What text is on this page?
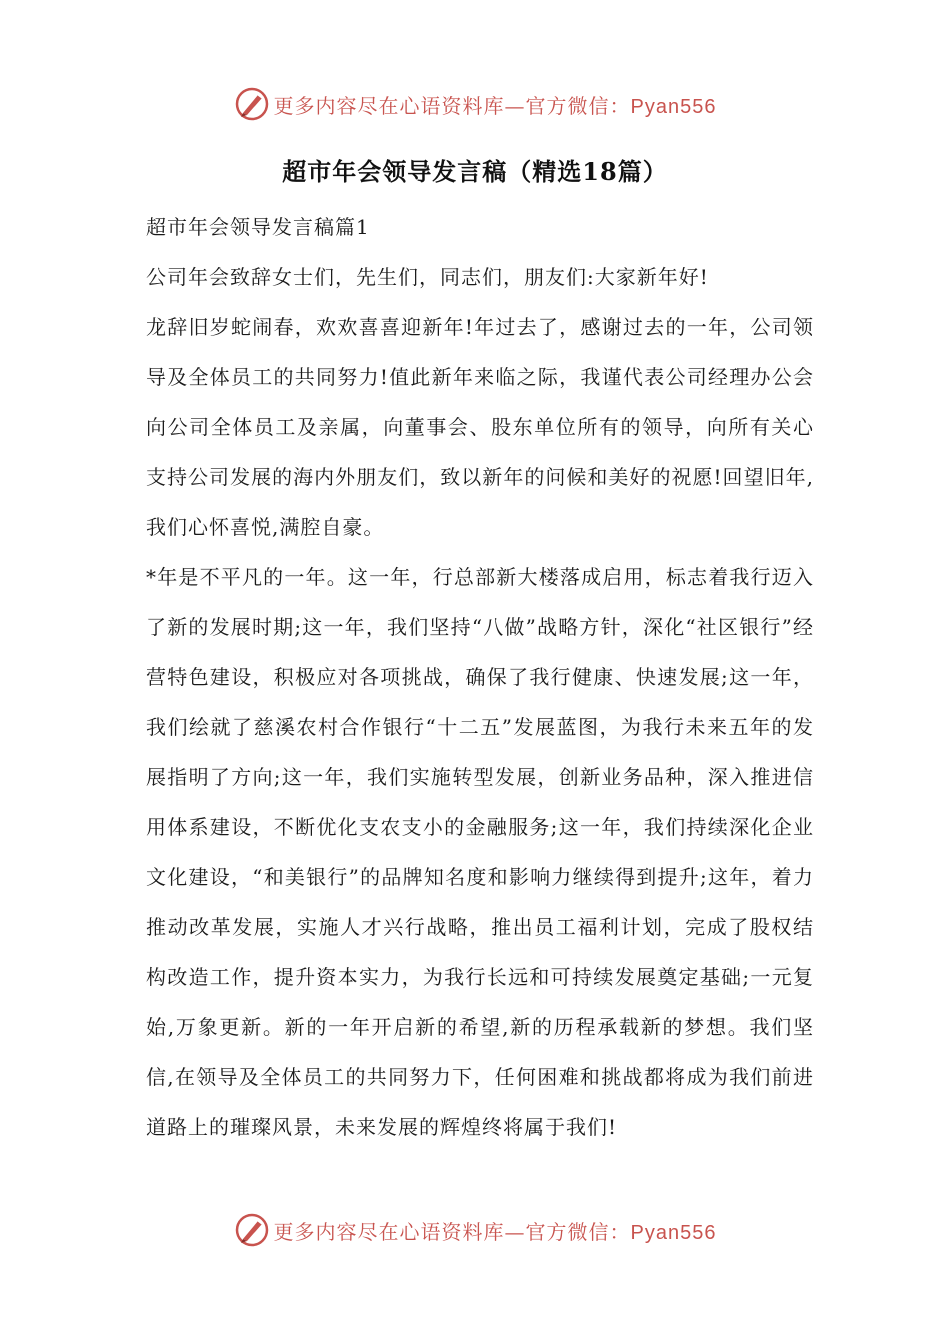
更多内容尽在心语资料库—官方微信：Pyan556
超市年会领导发言稿（精选18篇）

超市年会领导发言稿篇1

公司年会致辞女士们，先生们，同志们，朋友们:大家新年好!

龙辞旧岁蛇闹春，欢欢喜喜迎新年!年过去了，感谢过去的一年，公司领导及全体员工的共同努力!值此新年来临之际，我谨代表公司经理办公会向公司全体员工及亲属，向董事会、股东单位所有的领导，向所有关心支持公司发展的海内外朋友们，致以新年的问候和美好的祝愿!回望旧年,我们心怀喜悦,满腔自豪。

*年是不平凡的一年。这一年，行总部新大楼落成启用，标志着我行迈入了新的发展时期;这一年，我们坚持“八做”战略方针，深化“社区银行”经营特色建设，积极应对各项挑战，确保了我行健康、快速发展;这一年，我们绘就了慈溪农村合作银行“十二五”发展蓝图，为我行未来五年的发展指明了方向;这一年，我们实施转型发展，创新业务品种，深入推进信用体系建设，不断优化支农支小的金融服务;这一年，我们持续深化企业文化建设，“和美银行”的品牌知名度和影响力继续得到提升;这年，着力推动改革发展，实施人才兴行战略，推出员工福利计划，完成了股权结构改造工作，提升资本实力，为我行长远和可持续发展奠定基础;一元复始,万象更新。新的一年开启新的希望,新的历程承载新的梦想。我们坚信,在领导及全体员工的共同努力下，任何困难和挑战都将成为我们前进道路上的璀璨风景，未来发展的辉煌终将属于我们!

更多内容尽在心语资料库—官方微信：Pyan556
